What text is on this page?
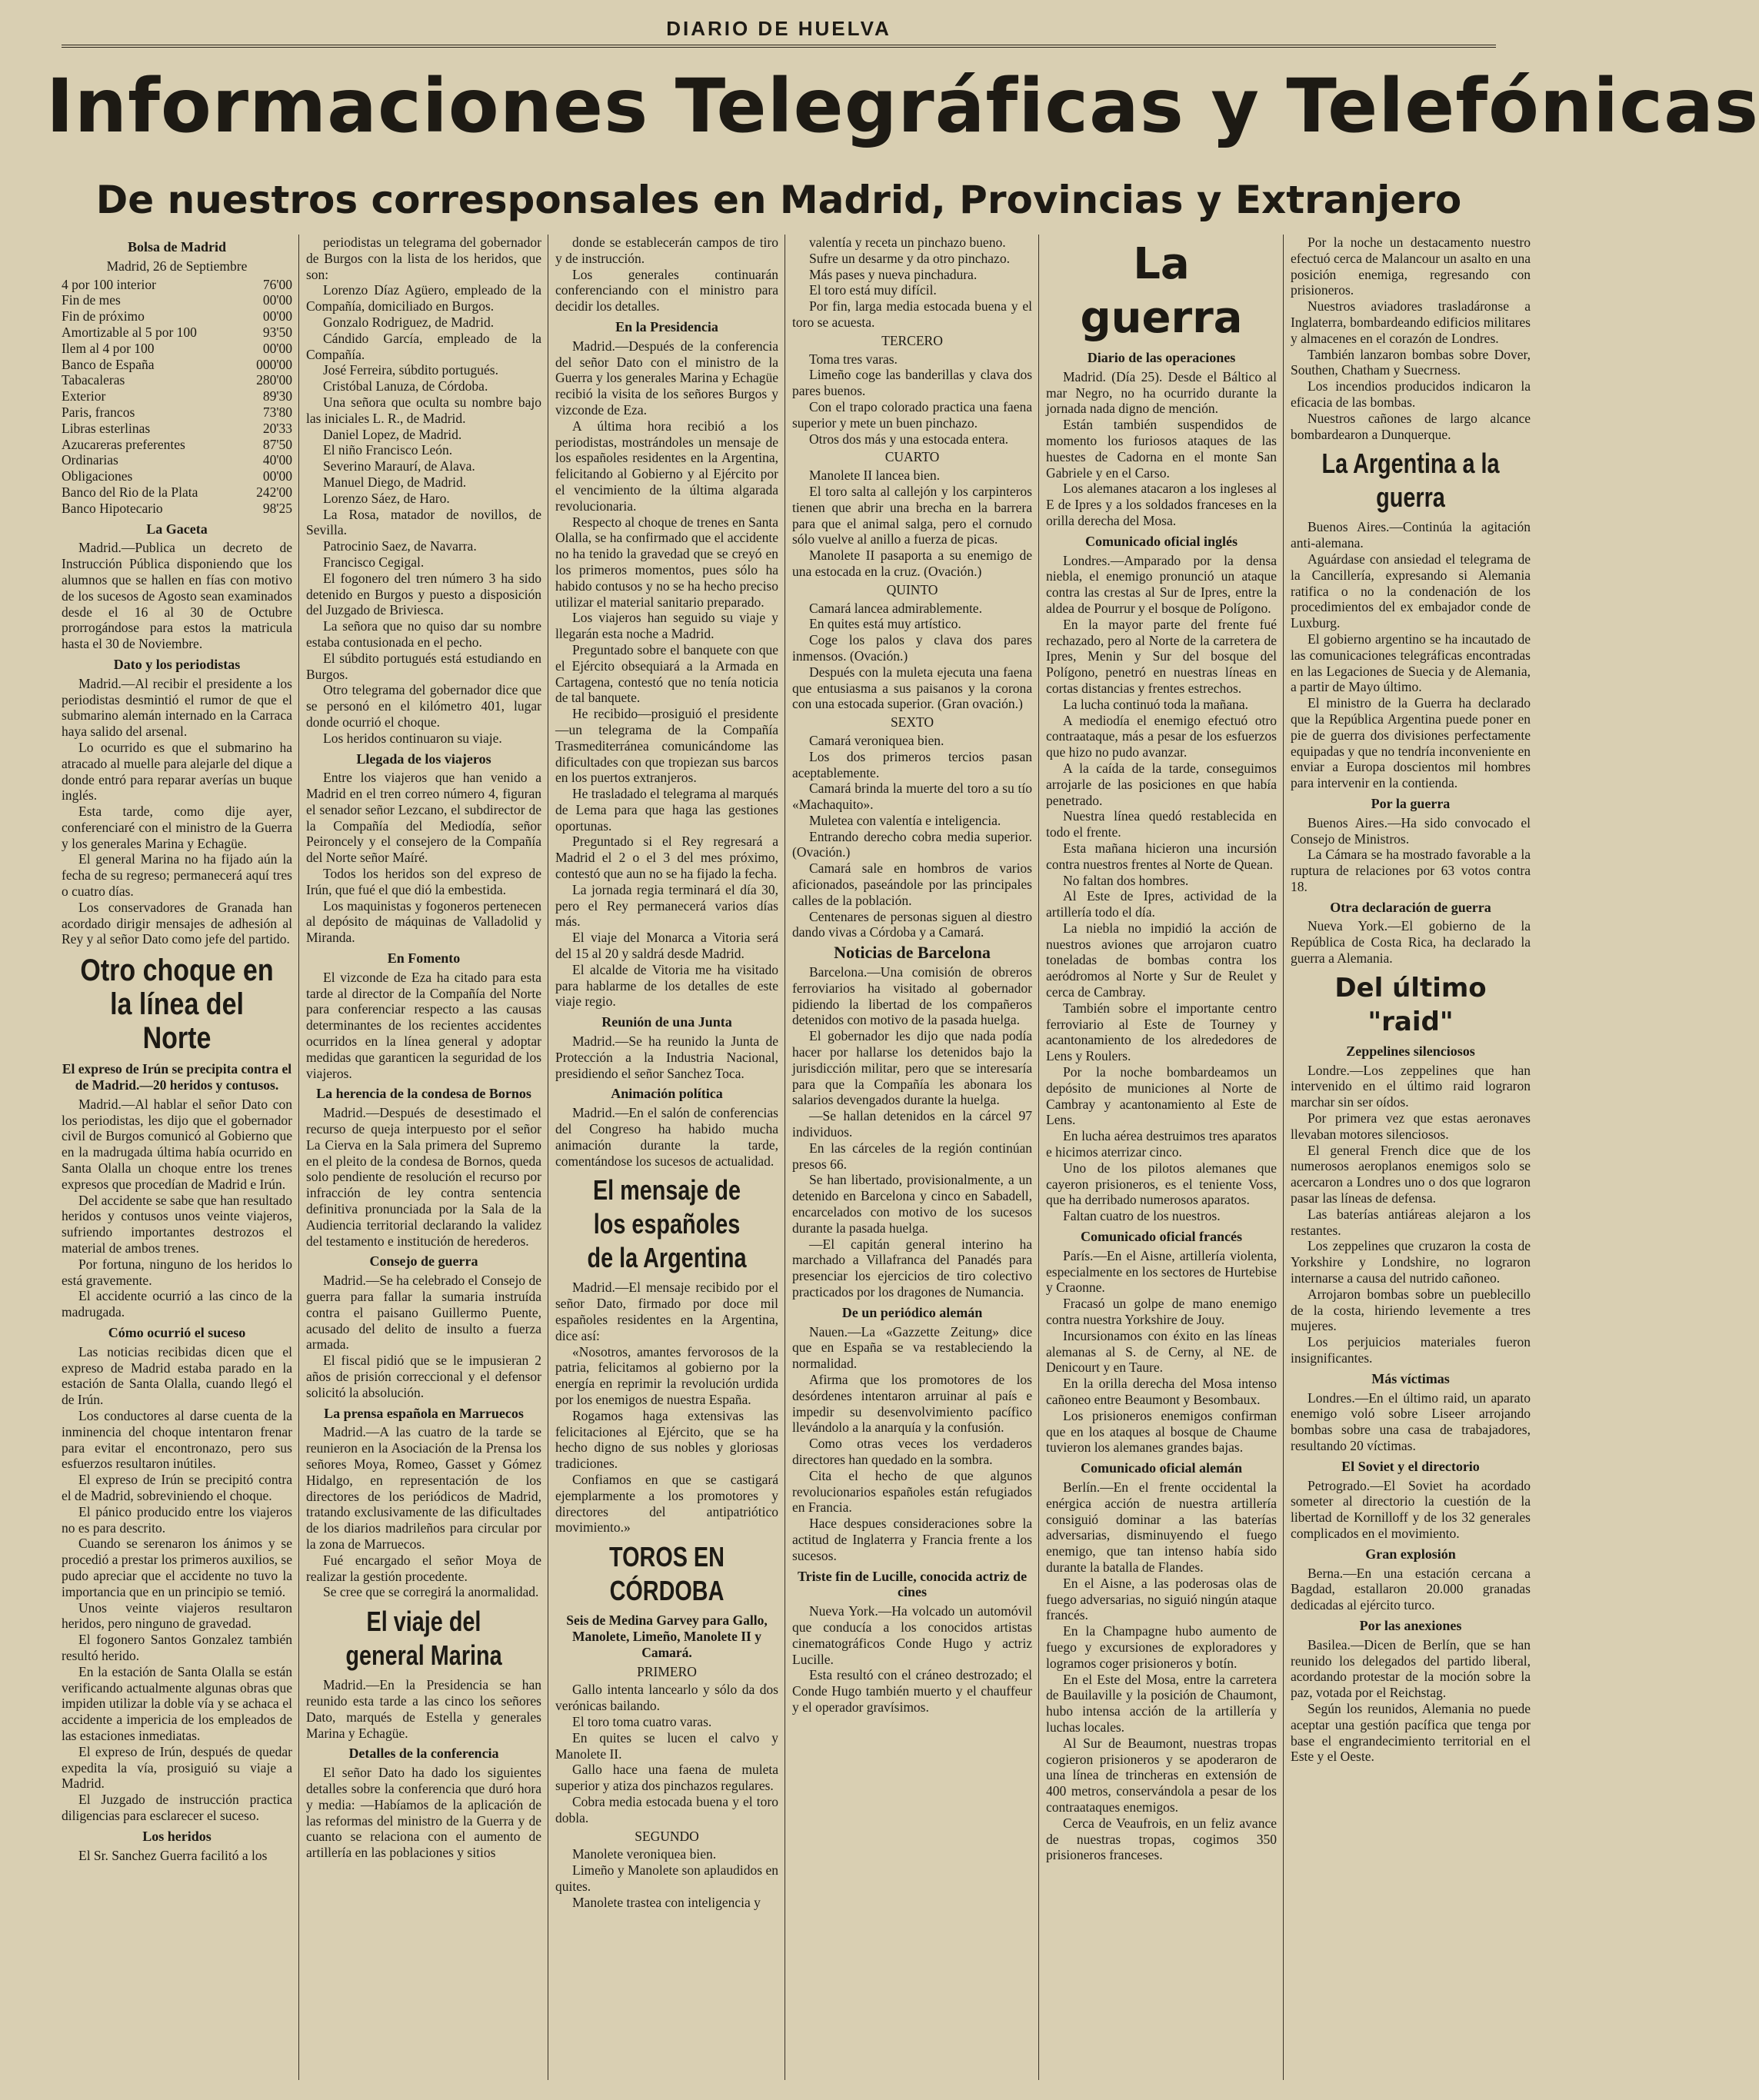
DIARIO DE HUELVA
Informaciones Telegráficas y Telefónicas
De nuestros corresponsales en Madrid, Provincias y Extranjero
Bolsa de Madrid
Madrid, 26 de Septiembre
4 por 100 interior	76'00
Fin de mes	00'00
Fin de próximo	00'00
Amortizable al 5 por 100	93'50
Ilem al 4 por 100	00'00
Banco de España	000'00
Tabacaleras	280'00
Exterior	89'30
Paris, francos	73'80
Libras esterlinas	20'33
Azucareras preferentes	87'50
Ordinarias	40'00
Obligaciones	00'00
Banco del Rio de la Plata	242'00
Banco Hipotecario	98'25
La Gaceta

Madrid.—Publica un decreto de Instrucción Pública disponiendo que los alumnos que se hallen en fías con motivo de los sucesos de Agosto sean examinados desde el 16 al 30 de Octubre prorrogándose para estos la matricula hasta el 30 de Noviembre.

Dato y los periodistas

Madrid.—Al recibir el presidente a los periodistas desmintió el rumor de que el submarino alemán internado en la Carraca haya salido del arsenal.

Lo ocurrido es que el submarino ha atracado al muelle para alejarle del dique a donde entró para reparar averías un buque inglés.

Esta tarde, como dije ayer, conferenciaré con el ministro de la Guerra y los generales Marina y Echagüe.

El general Marina no ha fijado aún la fecha de su regreso; permanecerá aquí tres o cuatro días.

Los conservadores de Granada han acordado dirigir mensajes de adhesión al Rey y al señor Dato como jefe del partido.

Otro choque en la línea del Norte
El expreso de Irún se precipita contra el de Madrid.—20 heridos y contusos.

Madrid.—Al hablar el señor Dato con los periodistas, les dijo que el gobernador civil de Burgos comunicó al Gobierno que en la madrugada última había ocurrido en Santa Olalla un choque entre los trenes expresos que procedían de Madrid e Irún.

Del accidente se sabe que han resultado heridos y contusos unos veinte viajeros, sufriendo importantes destrozos el material de ambos trenes.

Por fortuna, ninguno de los heridos lo está gravemente.

El accidente ocurrió a las cinco de la madrugada.

Cómo ocurrió el suceso

Las noticias recibidas dicen que el expreso de Madrid estaba parado en la estación de Santa Olalla, cuando llegó el de Irún.

Los conductores al darse cuenta de la inminencia del choque intentaron frenar para evitar el encontronazo, pero sus esfuerzos resultaron inútiles.

El expreso de Irún se precipitó contra el de Madrid, sobreviniendo el choque.

El pánico producido entre los viajeros no es para descrito.

Cuando se serenaron los ánimos y se procedió a prestar los primeros auxilios, se pudo apreciar que el accidente no tuvo la importancia que en un principio se temió.

Unos veinte viajeros resultaron heridos, pero ninguno de gravedad.

El fogonero Santos Gonzalez también resultó herido.

En la estación de Santa Olalla se están verificando actualmente algunas obras que impiden utilizar la doble vía y se achaca el accidente a impericia de los empleados de las estaciones inmediatas.

El expreso de Irún, después de quedar expedita la vía, prosiguió su viaje a Madrid.

El Juzgado de instrucción practica diligencias para esclarecer el suceso.

Los heridos

El Sr. Sanchez Guerra facilitó a los

periodistas un telegrama del gobernador de Burgos con la lista de los heridos, que son:

Lorenzo Díaz Agüero, empleado de la Compañía, domiciliado en Burgos.

Gonzalo Rodriguez, de Madrid.

Cándido García, empleado de la Compañía.

José Ferreira, súbdito portugués.

Cristóbal Lanuza, de Córdoba.

Una señora que oculta su nombre bajo las iniciales L. R., de Madrid.

Daniel Lopez, de Madrid.

El niño Francisco León.

Severino Maraurí, de Alava.

Manuel Diego, de Madrid.

Lorenzo Sáez, de Haro.

La Rosa, matador de novillos, de Sevilla.

Patrocinio Saez, de Navarra.

Francisco Cegigal.

El fogonero del tren número 3 ha sido detenido en Burgos y puesto a disposición del Juzgado de Briviesca.

La señora que no quiso dar su nombre estaba contusionada en el pecho.

El súbdito portugués está estudiando en Burgos.

Otro telegrama del gobernador dice que se personó en el kilómetro 401, lugar donde ocurrió el choque.

Los heridos continuaron su viaje.

Llegada de los viajeros

Entre los viajeros que han venido a Madrid en el tren correo número 4, figuran el senador señor Lezcano, el subdirector de la Compañía del Mediodía, señor Peironcely y el consejero de la Compañía del Norte señor Maíré.

Todos los heridos son del expreso de Irún, que fué el que dió la embestida.

Los maquinistas y fogoneros pertenecen al depósito de máquinas de Valladolid y Miranda.

En Fomento

El vizconde de Eza ha citado para esta tarde al director de la Compañía del Norte para conferenciar respecto a las causas determinantes de los recientes accidentes ocurridos en la línea general y adoptar medidas que garanticen la seguridad de los viajeros.

La herencia de la condesa de Bornos

Madrid.—Después de desestimado el recurso de queja interpuesto por el señor La Cierva en la Sala primera del Supremo en el pleito de la condesa de Bornos, queda solo pendiente de resolución el recurso por infracción de ley contra sentencia definitiva pronunciada por la Sala de la Audiencia territorial declarando la validez del testamento e institución de herederos.

Consejo de guerra

Madrid.—Se ha celebrado el Consejo de guerra para fallar la sumaria instruída contra el paisano Guillermo Puente, acusado del delito de insulto a fuerza armada.

El fiscal pidió que se le impusieran 2 años de prisión correccional y el defensor solicitó la absolución.

La prensa española en Marruecos

Madrid.—A las cuatro de la tarde se reunieron en la Asociación de la Prensa los señores Moya, Romeo, Gasset y Gómez Hidalgo, en representación de los directores de los periódicos de Madrid, tratando exclusivamente de las dificultades de los diarios madrileños para circular por la zona de Marruecos.

Fué encargado el señor Moya de realizar la gestión procedente.

Se cree que se corregirá la anormalidad.

El viaje del general Marina

Madrid.—En la Presidencia se han reunido esta tarde a las cinco los señores Dato, marqués de Estella y generales Marina y Echagüe.

Detalles de la conferencia

El señor Dato ha dado los siguientes detalles sobre la conferencia que duró hora y media: —Habíamos de la aplicación de las reformas del ministro de la Guerra y de cuanto se relaciona con el aumento de artillería en las poblaciones y sitios

donde se establecerán campos de tiro y de instrucción.

Los generales continuarán conferenciando con el ministro para decidir los detalles.

En la Presidencia

Madrid.—Después de la conferencia del señor Dato con el ministro de la Guerra y los generales Marina y Echagüe recibió la visita de los señores Burgos y vizconde de Eza.

A última hora recibió a los periodistas, mostrándoles un mensaje de los españoles residentes en la Argentina, felicitando al Gobierno y al Ejército por el vencimiento de la última algarada revolucionaria.

Respecto al choque de trenes en Santa Olalla, se ha confirmado que el accidente no ha tenido la gravedad que se creyó en los primeros momentos, pues sólo ha habido contusos y no se ha hecho preciso utilizar el material sanitario preparado.

Los viajeros han seguido su viaje y llegarán esta noche a Madrid.

Preguntado sobre el banquete con que el Ejército obsequiará a la Armada en Cartagena, contestó que no tenía noticia de tal banquete.

He recibido—prosiguió el presidente—un telegrama de la Compañía Trasmediterránea comunicándome las dificultades con que tropiezan sus barcos en los puertos extranjeros.

He trasladado el telegrama al marqués de Lema para que haga las gestiones oportunas.

Preguntado si el Rey regresará a Madrid el 2 o el 3 del mes próximo, contestó que aun no se ha fijado la fecha.

La jornada regia terminará el día 30, pero el Rey permanecerá varios días más.

El viaje del Monarca a Vitoria será del 15 al 20 y saldrá desde Madrid.

El alcalde de Vitoria me ha visitado para hablarme de los detalles de este viaje regio.

Reunión de una Junta

Madrid.—Se ha reunido la Junta de Protección a la Industria Nacional, presidiendo el señor Sanchez Toca.

Animación política

Madrid.—En el salón de conferencias del Congreso ha habido mucha animación durante la tarde, comentándose los sucesos de actualidad.

El mensaje de los españoles de la Argentina

Madrid.—El mensaje recibido por el señor Dato, firmado por doce mil españoles residentes en la Argentina, dice así:

«Nosotros, amantes fervorosos de la patria, felicitamos al gobierno por la energía en reprimir la revolución urdida por los enemigos de nuestra España.

Rogamos haga extensivas las felicitaciones al Ejército, que se ha hecho digno de sus nobles y gloriosas tradiciones.

Confiamos en que se castigará ejemplarmente a los promotores y directores del antipatriótico movimiento.»

TOROS EN CÓRDOBA
Seis de Medina Garvey para Gallo, Manolete, Limeño, Manolete II y Camará.
PRIMERO

Gallo intenta lancearlo y sólo da dos verónicas bailando.

El toro toma cuatro varas.

En quites se lucen el calvo y Manolete II.

Gallo hace una faena de muleta superior y atiza dos pinchazos regulares.

Cobra media estocada buena y el toro dobla.

SEGUNDO

Manolete veroniquea bien.

Limeño y Manolete son aplaudidos en quites.

Manolete trastea con inteligencia y

valentía y receta un pinchazo bueno.

Sufre un desarme y da otro pinchazo.

Más pases y nueva pinchadura.

El toro está muy difícil.

Por fin, larga media estocada buena y el toro se acuesta.

TERCERO

Toma tres varas.

Limeño coge las banderillas y clava dos pares buenos.

Con el trapo colorado practica una faena superior y mete un buen pinchazo.

Otros dos más y una estocada entera.

CUARTO

Manolete II lancea bien.

El toro salta al callejón y los carpinteros tienen que abrir una brecha en la barrera para que el animal salga, pero el cornudo sólo vuelve al anillo a fuerza de picas.

Manolete II pasaporta a su enemigo de una estocada en la cruz. (Ovación.)

QUINTO

Camará lancea admirablemente.

En quites está muy artístico.

Coge los palos y clava dos pares inmensos. (Ovación.)

Después con la muleta ejecuta una faena que entusiasma a sus paisanos y la corona con una estocada superior. (Gran ovación.)

SEXTO

Camará veroniquea bien.

Los dos primeros tercios pasan aceptablemente.

Camará brinda la muerte del toro a su tío «Machaquito».

Muletea con valentía e inteligencia.

Entrando derecho cobra media superior. (Ovación.)

Camará sale en hombros de varios aficionados, paseándole por las principales calles de la población.

Centenares de personas siguen al diestro dando vivas a Córdoba y a Camará.

Noticias de Barcelona

Barcelona.—Una comisión de obreros ferroviarios ha visitado al gobernador pidiendo la libertad de los compañeros detenidos con motivo de la pasada huelga.

El gobernador les dijo que nada podía hacer por hallarse los detenidos bajo la jurisdicción militar, pero que se interesaría para que la Compañía les abonara los salarios devengados durante la huelga.

—Se hallan detenidos en la cárcel 97 individuos.

En las cárceles de la región continúan presos 66.

Se han libertado, provisionalmente, a un detenido en Barcelona y cinco en Sabadell, encarcelados con motivo de los sucesos durante la pasada huelga.

—El capitán general interino ha marchado a Villafranca del Panadés para presenciar los ejercicios de tiro colectivo practicados por los dragones de Numancia.

De un periódico alemán

Nauen.—La «Gazzette Zeitung» dice que en España se va restableciendo la normalidad.

Afirma que los promotores de los desórdenes intentaron arruinar al país e impedir su desenvolvimiento pacífico llevándolo a la anarquía y la confusión.

Como otras veces los verdaderos directores han quedado en la sombra.

Cita el hecho de que algunos revolucionarios españoles están refugiados en Francia.

Hace despues consideraciones sobre la actitud de Inglaterra y Francia frente a los sucesos.

Triste fin de Lucille, conocida actriz de cines

Nueva York.—Ha volcado un automóvil que conducía a los conocidos artistas cinematográficos Conde Hugo y actriz Lucille.

Esta resultó con el cráneo destrozado; el Conde Hugo también muerto y el chauffeur y el operador gravísimos.

La guerra
Diario de las operaciones

Madrid. (Día 25). Desde el Báltico al mar Negro, no ha ocurrido durante la jornada nada digno de mención.

Están también suspendidos de momento los furiosos ataques de las huestes de Cadorna en el monte San Gabriele y en el Carso.

Los alemanes atacaron a los ingleses al E de Ipres y a los soldados franceses en la orilla derecha del Mosa.

Comunicado oficial inglés

Londres.—Amparado por la densa niebla, el enemigo pronunció un ataque contra las crestas al Sur de Ipres, entre la aldea de Pourrur y el bosque de Polígono.

En la mayor parte del frente fué rechazado, pero al Norte de la carretera de Ipres, Menin y Sur del bosque del Polígono, penetró en nuestras líneas en cortas distancias y frentes estrechos.

La lucha continuó toda la mañana.

A mediodía el enemigo efectuó otro contraataque, más a pesar de los esfuerzos que hizo no pudo avanzar.

A la caída de la tarde, conseguimos arrojarle de las posiciones en que había penetrado.

Nuestra línea quedó restablecida en todo el frente.

Esta mañana hicieron una incursión contra nuestros frentes al Norte de Quean.

No faltan dos hombres.

Al Este de Ipres, actividad de la artillería todo el día.

La niebla no impidió la acción de nuestros aviones que arrojaron cuatro toneladas de bombas contra los aeródromos al Norte y Sur de Reulet y cerca de Cambray.

También sobre el importante centro ferroviario al Este de Tourney y acantonamiento de los alrededores de Lens y Roulers.

Por la noche bombardeamos un depósito de municiones al Norte de Cambray y acantonamiento al Este de Lens.

En lucha aérea destruimos tres aparatos e hicimos aterrizar cinco.

Uno de los pilotos alemanes que cayeron prisioneros, es el teniente Voss, que ha derribado numerosos aparatos.

Faltan cuatro de los nuestros.

Comunicado oficial francés

París.—En el Aisne, artillería violenta, especialmente en los sectores de Hurtebise y Craonne.

Fracasó un golpe de mano enemigo contra nuestra Yorkshire de Jouy.

Incursionamos con éxito en las líneas alemanas al S. de Cerny, al NE. de Denicourt y en Taure.

En la orilla derecha del Mosa intenso cañoneo entre Beaumont y Besombaux.

Los prisioneros enemigos confirman que en los ataques al bosque de Chaume tuvieron los alemanes grandes bajas.

Comunicado oficial alemán

Berlín.—En el frente occidental la enérgica acción de nuestra artillería consiguió dominar a las baterías adversarias, disminuyendo el fuego enemigo, que tan intenso había sido durante la batalla de Flandes.

En el Aisne, a las poderosas olas de fuego adversarias, no siguió ningún ataque francés.

En la Champagne hubo aumento de fuego y excursiones de exploradores y logramos coger prisioneros y botín.

En el Este del Mosa, entre la carretera de Bauilaville y la posición de Chaumont, hubo intensa acción de la artillería y luchas locales.

Al Sur de Beaumont, nuestras tropas cogieron prisioneros y se apoderaron de una línea de trincheras en extensión de 400 metros, conservándola a pesar de los contraataques enemigos.

Cerca de Veaufrois, en un feliz avance de nuestras tropas, cogimos 350 prisioneros franceses.

Por la noche un destacamento nuestro efectuó cerca de Malancour un asalto en una posición enemiga, regresando con prisioneros.

Nuestros aviadores trasladáronse a Inglaterra, bombardeando edificios militares y almacenes en el corazón de Londres.

También lanzaron bombas sobre Dover, Southen, Chatham y Suecrness.

Los incendios producidos indicaron la eficacia de las bombas.

Nuestros cañones de largo alcance bombardearon a Dunquerque.

La Argentina a la guerra

Buenos Aires.—Continúa la agitación anti-alemana.

Aguárdase con ansiedad el telegrama de la Cancillería, expresando si Alemania ratifica o no la condenación de los procedimientos del ex embajador conde de Luxburg.

El gobierno argentino se ha incautado de las comunicaciones telegráficas encontradas en las Legaciones de Suecia y de Alemania, a partir de Mayo último.

El ministro de la Guerra ha declarado que la República Argentina puede poner en pie de guerra dos divisiones perfectamente equipadas y que no tendría inconveniente en enviar a Europa doscientos mil hombres para intervenir en la contienda.

Por la guerra

Buenos Aires.—Ha sido convocado el Consejo de Ministros.

La Cámara se ha mostrado favorable a la ruptura de relaciones por 63 votos contra 18.

Otra declaración de guerra

Nueva York.—El gobierno de la República de Costa Rica, ha declarado la guerra a Alemania.

Del último "raid"
Zeppelines silenciosos

Londre.—Los zeppelines que han intervenido en el último raid lograron marchar sin ser oídos.

Por primera vez que estas aeronaves llevaban motores silenciosos.

El general French dice que de los numerosos aeroplanos enemigos solo se acercaron a Londres uno o dos que lograron pasar las líneas de defensa.

Las baterías antiáreas alejaron a los restantes.

Los zeppelines que cruzaron la costa de Yorkshire y Londshire, no lograron internarse a causa del nutrido cañoneo.

Arrojaron bombas sobre un pueblecillo de la costa, hiriendo levemente a tres mujeres.

Los perjuicios materiales fueron insignificantes.

Más víctimas

Londres.—En el último raid, un aparato enemigo voló sobre Liseer arrojando bombas sobre una casa de trabajadores, resultando 20 víctimas.

El Soviet y el directorio

Petrogrado.—El Soviet ha acordado someter al directorio la cuestión de la libertad de Kornilloff y de los 32 generales complicados en el movimiento.

Gran explosión

Berna.—En una estación cercana a Bagdad, estallaron 20.000 granadas dedicadas al ejército turco.

Por las anexiones

Basilea.—Dicen de Berlín, que se han reunido los delegados del partido liberal, acordando protestar de la moción sobre la paz, votada por el Reichstag.

Según los reunidos, Alemania no puede aceptar una gestión pacífica que tenga por base el engrandecimiento territorial en el Este y el Oeste.
